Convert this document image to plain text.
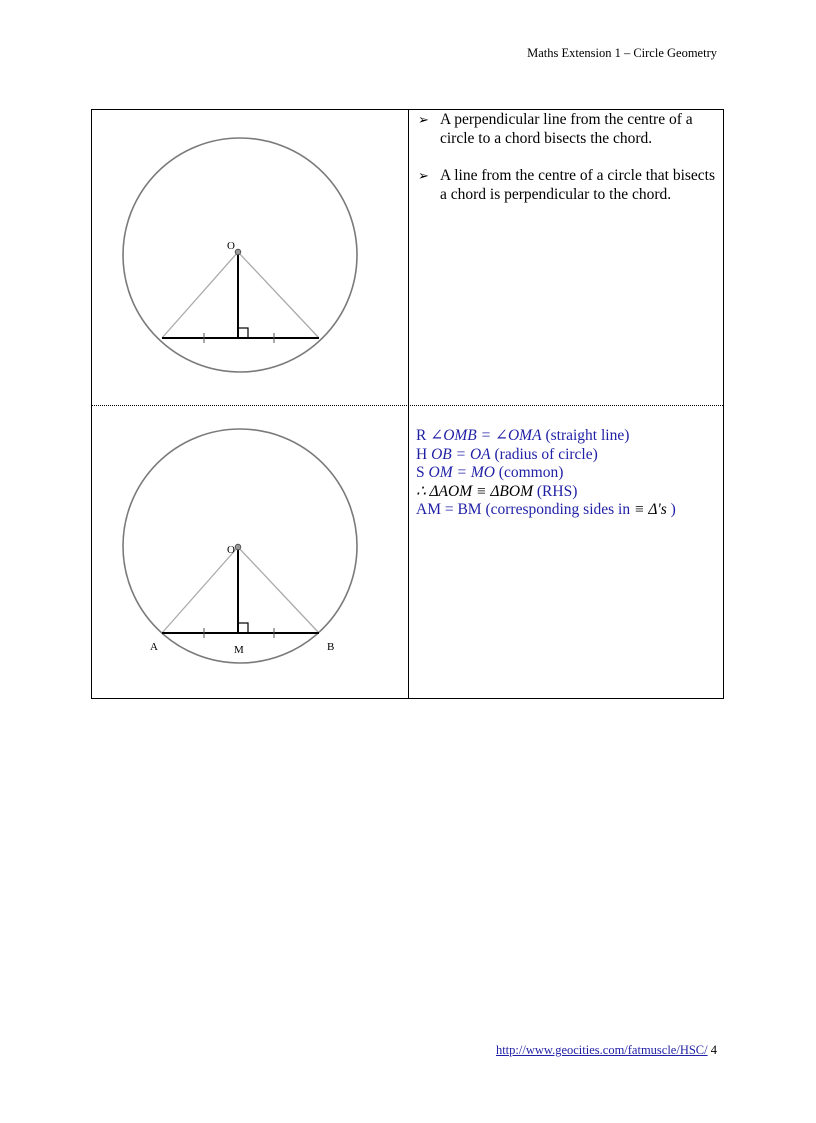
Maths Extension 1 – Circle Geometry
O
O
A	M	B
➢ A perpendicular line from the centre of a circle to a chord bisects the chord.
➢ A line from the centre of a circle that bisects a chord is perpendicular to the chord.
R ∠OMB = ∠OMA (straight line)
H OB = OA (radius of circle)
S OM = MO (common)
∴ ΔAOM ≡ ΔBOM (RHS)
AM = BM (corresponding sides in ≡ Δ's )
http://www.geocities.com/fatmuscle/HSC/ 4
